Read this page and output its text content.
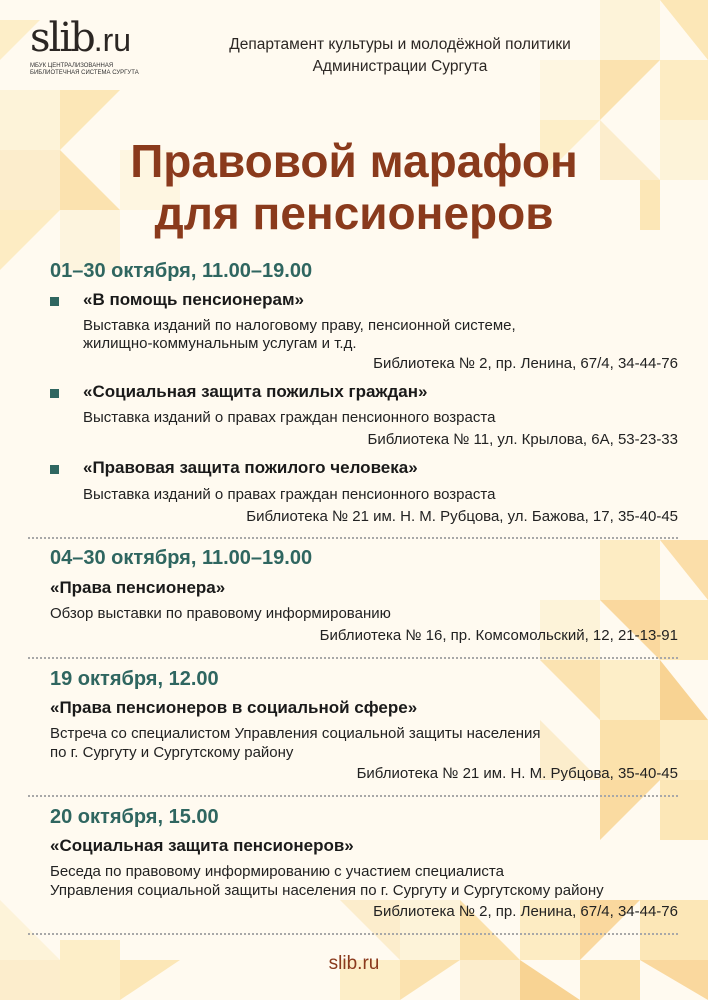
slib.ru
МБУК ЦЕНТРАЛИЗОВАННАЯ БИБЛИОТЕЧНАЯ СИСТЕМА СУРГУТА
Департамент культуры и молодёжной политики
Администрации Сургута
Правовой марафон
для пенсионеров
01–30 октября, 11.00–19.00
«В помощь пенсионерам»
Выставка изданий по налоговому праву, пенсионной системе,
жилищно-коммунальным услугам и т.д.
Библиотека № 2, пр. Ленина, 67/4, 34-44-76
«Социальная защита пожилых граждан»
Выставка изданий о правах граждан пенсионного возраста
Библиотека № 11, ул. Крылова, 6А, 53-23-33
«Правовая защита пожилого человека»
Выставка изданий о правах граждан пенсионного возраста
Библиотека № 21 им. Н. М. Рубцова, ул. Бажова, 17, 35-40-45
04–30 октября, 11.00–19.00
«Права пенсионера»
Обзор выставки по правовому информированию
Библиотека № 16, пр. Комсомольский, 12, 21-13-91
19 октября, 12.00
«Права пенсионеров в социальной сфере»
Встреча со специалистом Управления социальной защиты населения
по г. Сургуту и Сургутскому району
Библиотека № 21 им. Н. М. Рубцова, 35-40-45
20 октября, 15.00
«Социальная защита пенсионеров»
Беседа по правовому информированию с участием специалиста
Управления социальной защиты населения по г. Сургуту и Сургутскому району
Библиотека № 2, пр. Ленина, 67/4, 34-44-76
slib.ru
